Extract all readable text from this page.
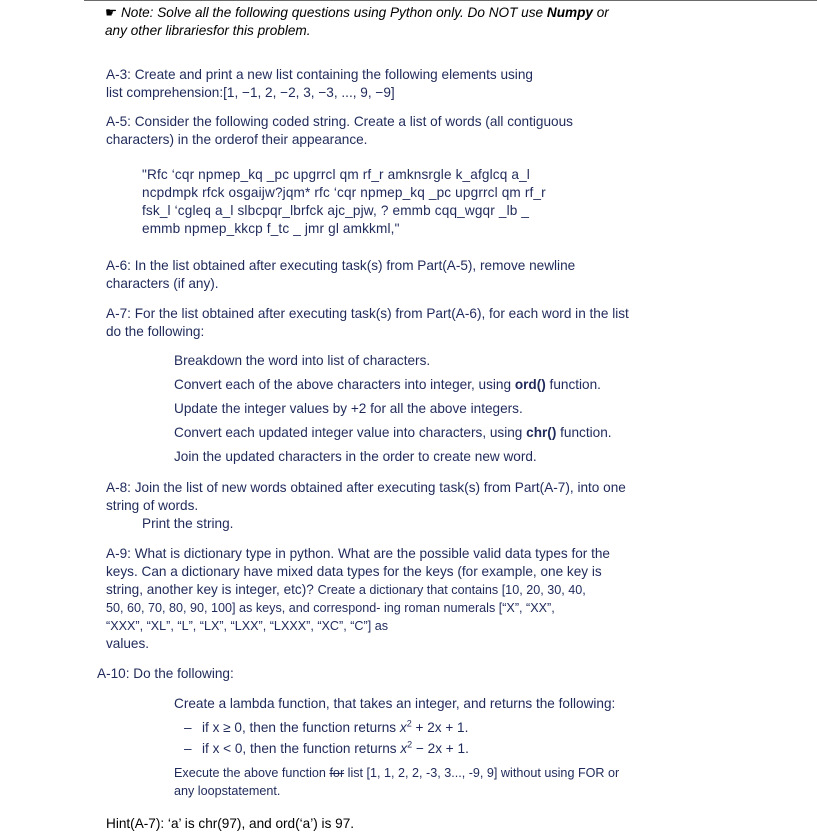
☛ Note: Solve all the following questions using Python only. Do NOT use Numpy or
any other librariesfor this problem.
A-3: Create and print a new list containing the following elements using
list comprehension:[1, −1, 2, −2, 3, −3, ..., 9, −9]
A-5: Consider the following coded string. Create a list of words (all contiguous
characters) in the orderof their appearance.
"Rfc ‘cqr npmep_kq _pc upgrrcl qm rf_r amknsrgle k_afglcq a_l
ncpdmpk rfck osgaijw?jqm* rfc ‘cqr npmep_kq _pc upgrrcl qm rf_r
fsk_l ‘cgleq a_l slbcpqr_lbrfck ajc_pjw, ? emmb cqq_wgqr _lb _
emmb npmep_kkcp f_tc _ jmr gl amkkml,"
A-6: In the list obtained after executing task(s) from Part(A-5), remove newline
characters (if any).
A-7: For the list obtained after executing task(s) from Part(A-6), for each word in the list
do the following:
Breakdown the word into list of characters.
Convert each of the above characters into integer, using ord() function.
Update the integer values by +2 for all the above integers.
Convert each updated integer value into characters, using chr() function.
Join the updated characters in the order to create new word.
A-8: Join the list of new words obtained after executing task(s) from Part(A-7), into one
string of words.
Print the string.
A-9: What is dictionary type in python. What are the possible valid data types for the
keys. Can a dictionary have mixed data types for the keys (for example, one key is
string, another key is integer, etc)? Create a dictionary that contains [10, 20, 30, 40,
50, 60, 70, 80, 90, 100] as keys, and correspond- ing roman numerals [“X”, “XX”,
“XXX”, “XL”, “L”, “LX”, “LXX”, “LXXX”, “XC”, “C”] as
values.
A-10: Do the following:
Create a lambda function, that takes an integer, and returns the following:
– if x ≥ 0, then the function returns $x^2 + 2x + 1$.
– if x < 0, then the function returns $x^2 - 2x + 1$.
Execute the above function for list [1, 1, 2, 2, -3, 3..., -9, 9] without using FOR or
any loopstatement.
Hint(A-7): ‘a’ is chr(97), and ord(‘a’) is 97.
